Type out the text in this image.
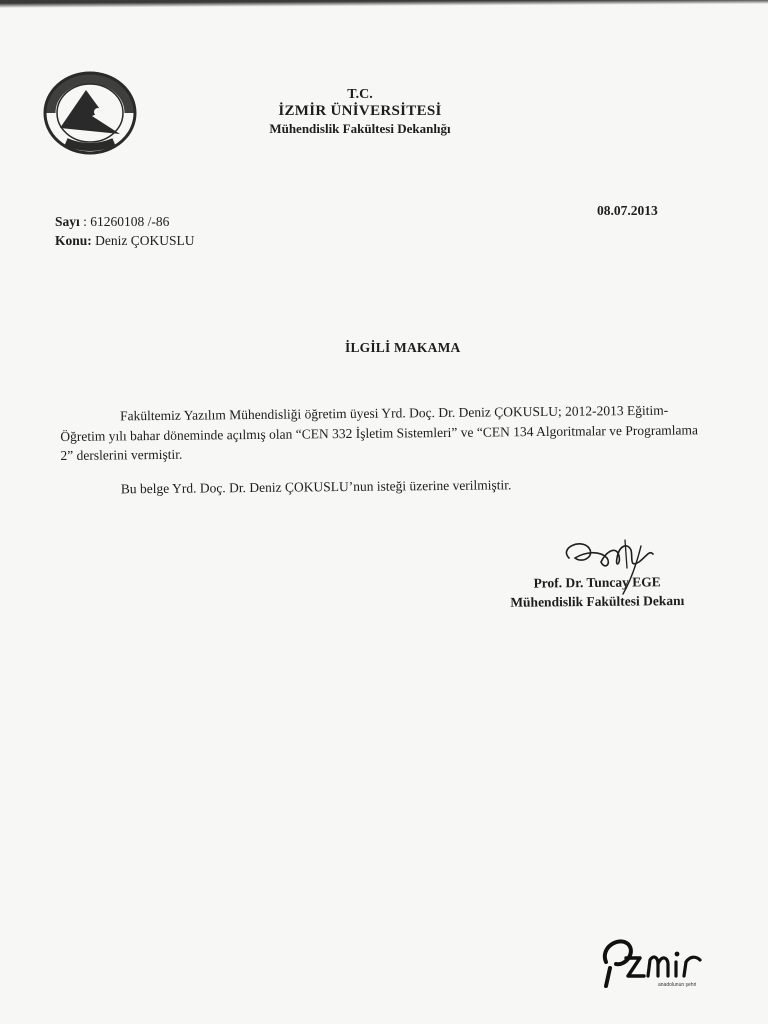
T.C.
İZMİR ÜNİVERSİTESİ
Mühendislik Fakültesi Dekanlığı
Sayı : 61260108 /-86
Konu: Deniz ÇOKUSLU
08.07.2013
İLGİLİ MAKAMA

Fakültemiz Yazılım Mühendisliği öğretim üyesi Yrd. Doç. Dr. Deniz ÇOKUSLU; 2012-2013 Eğitim-Öğretim yılı bahar döneminde açılmış olan “CEN 332 İşletim Sistemleri” ve “CEN 134 Algoritmalar ve Programlama 2” derslerini vermiştir.

Bu belge Yrd. Doç. Dr. Deniz ÇOKUSLU’nun isteği üzerine verilmiştir.

Prof. Dr. Tuncay EGE
Mühendislik Fakültesi Dekanı
anadolunun şehri
